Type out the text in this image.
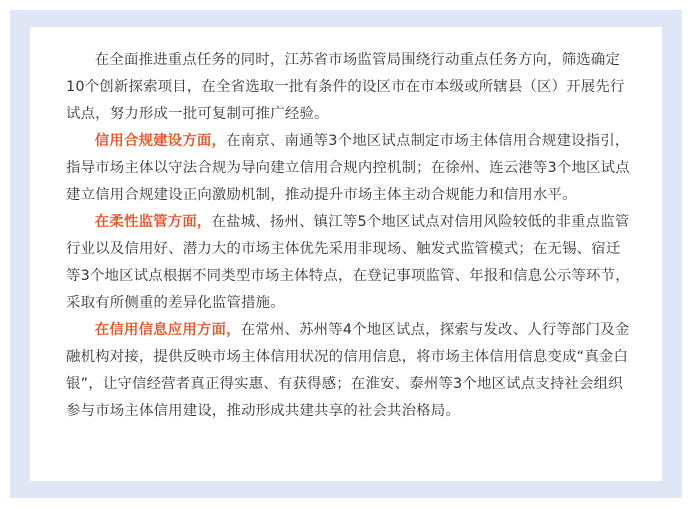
在全面推进重点任务的同时，江苏省市场监管局围绕行动重点任务方向，筛选确定10个创新探索项目，在全省选取一批有条件的设区市在市本级或所辖县（区）开展先行试点，努力形成一批可复制可推广经验。

信用合规建设方面，在南京、南通等3个地区试点制定市场主体信用合规建设指引，指导市场主体以守法合规为导向建立信用合规内控机制；在徐州、连云港等3个地区试点建立信用合规建设正向激励机制，推动提升市场主体主动合规能力和信用水平。

在柔性监管方面，在盐城、扬州、镇江等5个地区试点对信用风险较低的非重点监管行业以及信用好、潜力大的市场主体优先采用非现场、触发式监管模式；在无锡、宿迁等3个地区试点根据不同类型市场主体特点，在登记事项监管、年报和信息公示等环节，采取有所侧重的差异化监管措施。

在信用信息应用方面，在常州、苏州等4个地区试点，探索与发改、人行等部门及金融机构对接，提供反映市场主体信用状况的信用信息，将市场主体信用信息变成“真金白银”，让守信经营者真正得实惠、有获得感；在淮安、泰州等3个地区试点支持社会组织参与市场主体信用建设，推动形成共建共享的社会共治格局。
